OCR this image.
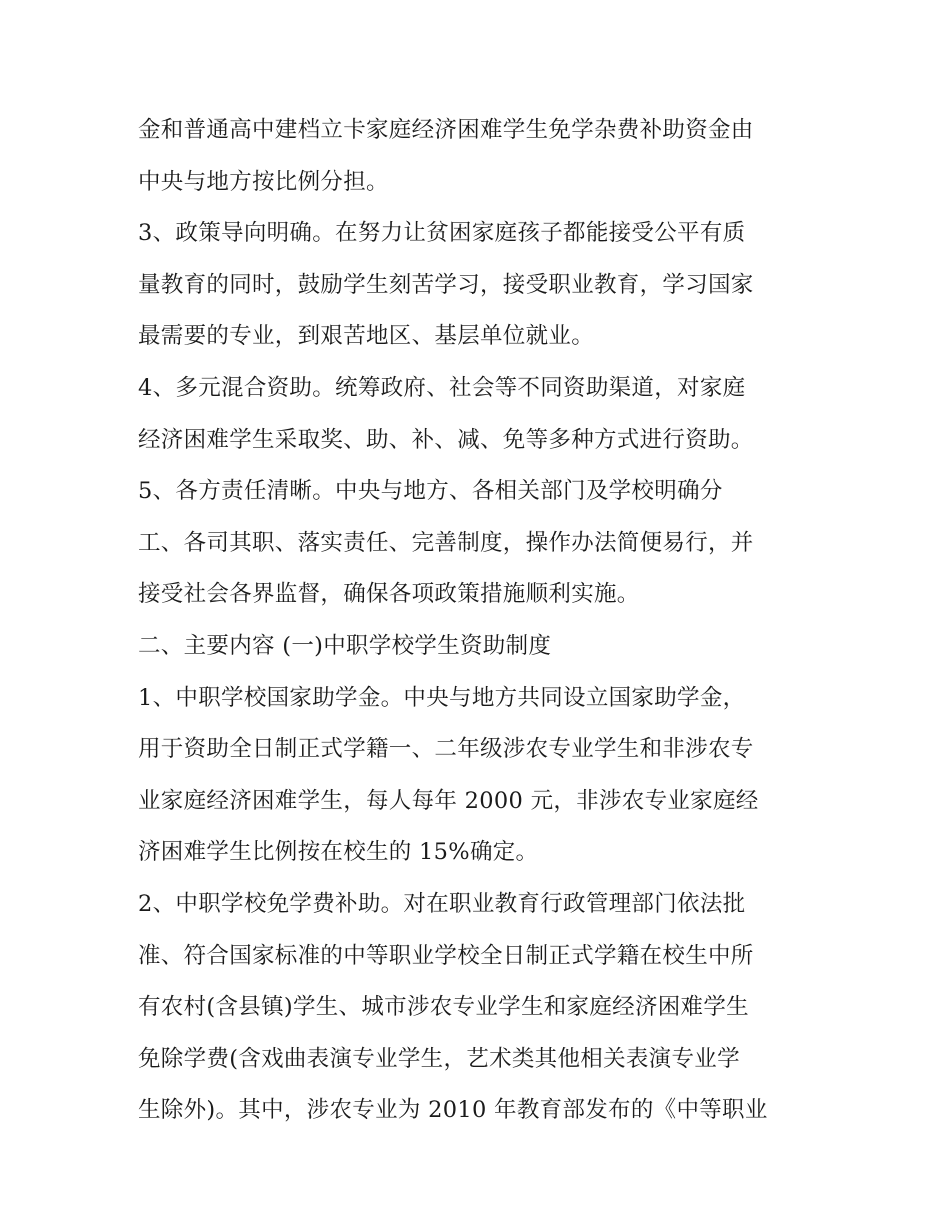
金和普通高中建档立卡家庭经济困难学生免学杂费补助资金由
中央与地方按比例分担。
3、政策导向明确。在努力让贫困家庭孩子都能接受公平有质
量教育的同时，鼓励学生刻苦学习，接受职业教育，学习国家
最需要的专业，到艰苦地区、基层单位就业。
4、多元混合资助。统筹政府、社会等不同资助渠道，对家庭
经济困难学生采取奖、助、补、减、免等多种方式进行资助。
5、各方责任清晰。中央与地方、各相关部门及学校明确分
工、各司其职、落实责任、完善制度，操作办法简便易行，并
接受社会各界监督，确保各项政策措施顺利实施。
二、主要内容 (一)中职学校学生资助制度
1、中职学校国家助学金。中央与地方共同设立国家助学金，
用于资助全日制正式学籍一、二年级涉农专业学生和非涉农专
业家庭经济困难学生，每人每年 2000 元，非涉农专业家庭经
济困难学生比例按在校生的 15%确定。
2、中职学校免学费补助。对在职业教育行政管理部门依法批
准、符合国家标准的中等职业学校全日制正式学籍在校生中所
有农村(含县镇)学生、城市涉农专业学生和家庭经济困难学生
免除学费(含戏曲表演专业学生，艺术类其他相关表演专业学
生除外)。其中，涉农专业为 2010 年教育部发布的《中等职业
